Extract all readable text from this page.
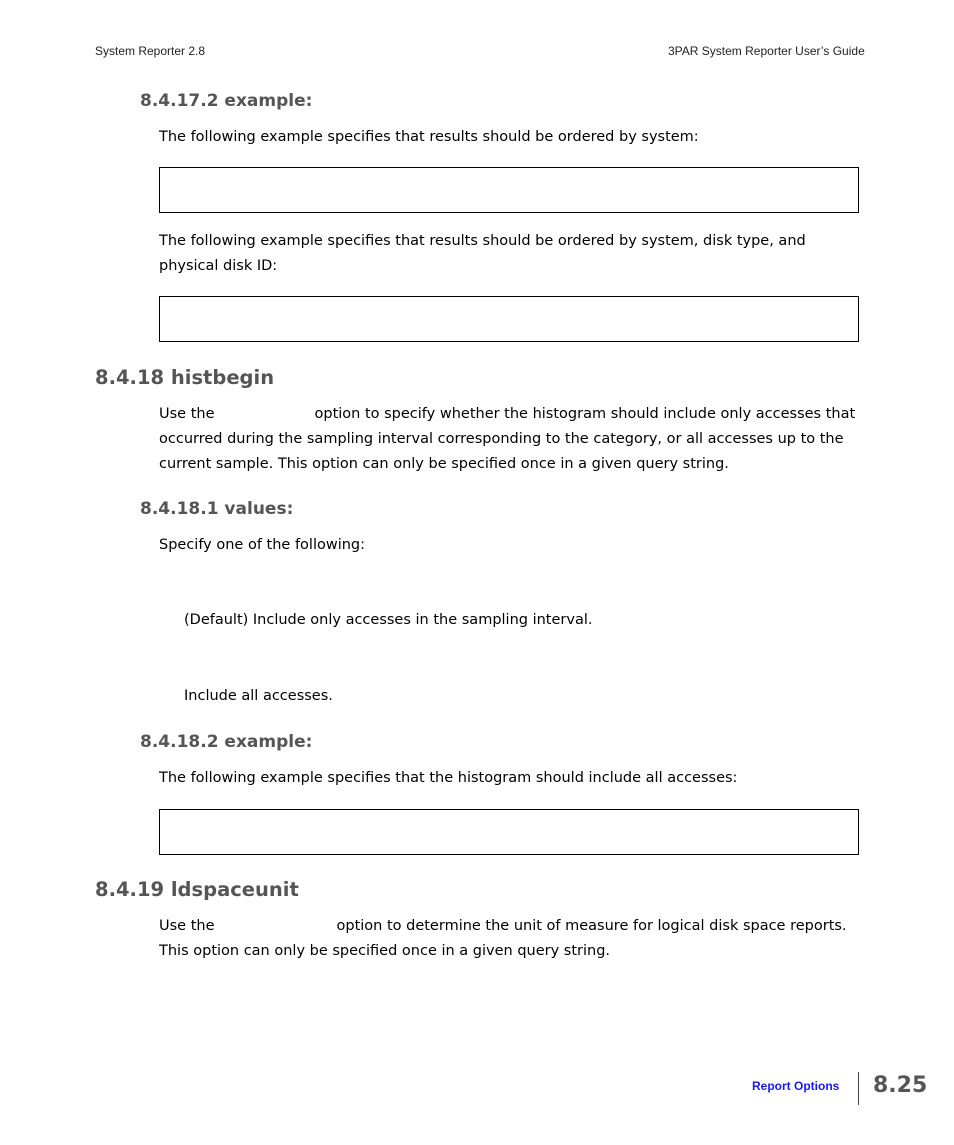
System Reporter 2.8	3PAR System Reporter User’s Guide
8.4.17.2 example:
The following example specifies that results should be ordered by system:
The following example specifies that results should be ordered by system, disk type, and
physical disk ID:
8.4.18 histbegin
Use the	option to specify whether the histogram should include only accesses that
occurred during the sampling interval corresponding to the category, or all accesses up to the
current sample. This option can only be specified once in a given query string.
8.4.18.1 values:
Specify one of the following:
(Default) Include only accesses in the sampling interval.
Include all accesses.
8.4.18.2 example:
The following example specifies that the histogram should include all accesses:
8.4.19 ldspaceunit
Use the	option to determine the unit of measure for logical disk space reports.
This option can only be specified once in a given query string.
Report Options 8.25
